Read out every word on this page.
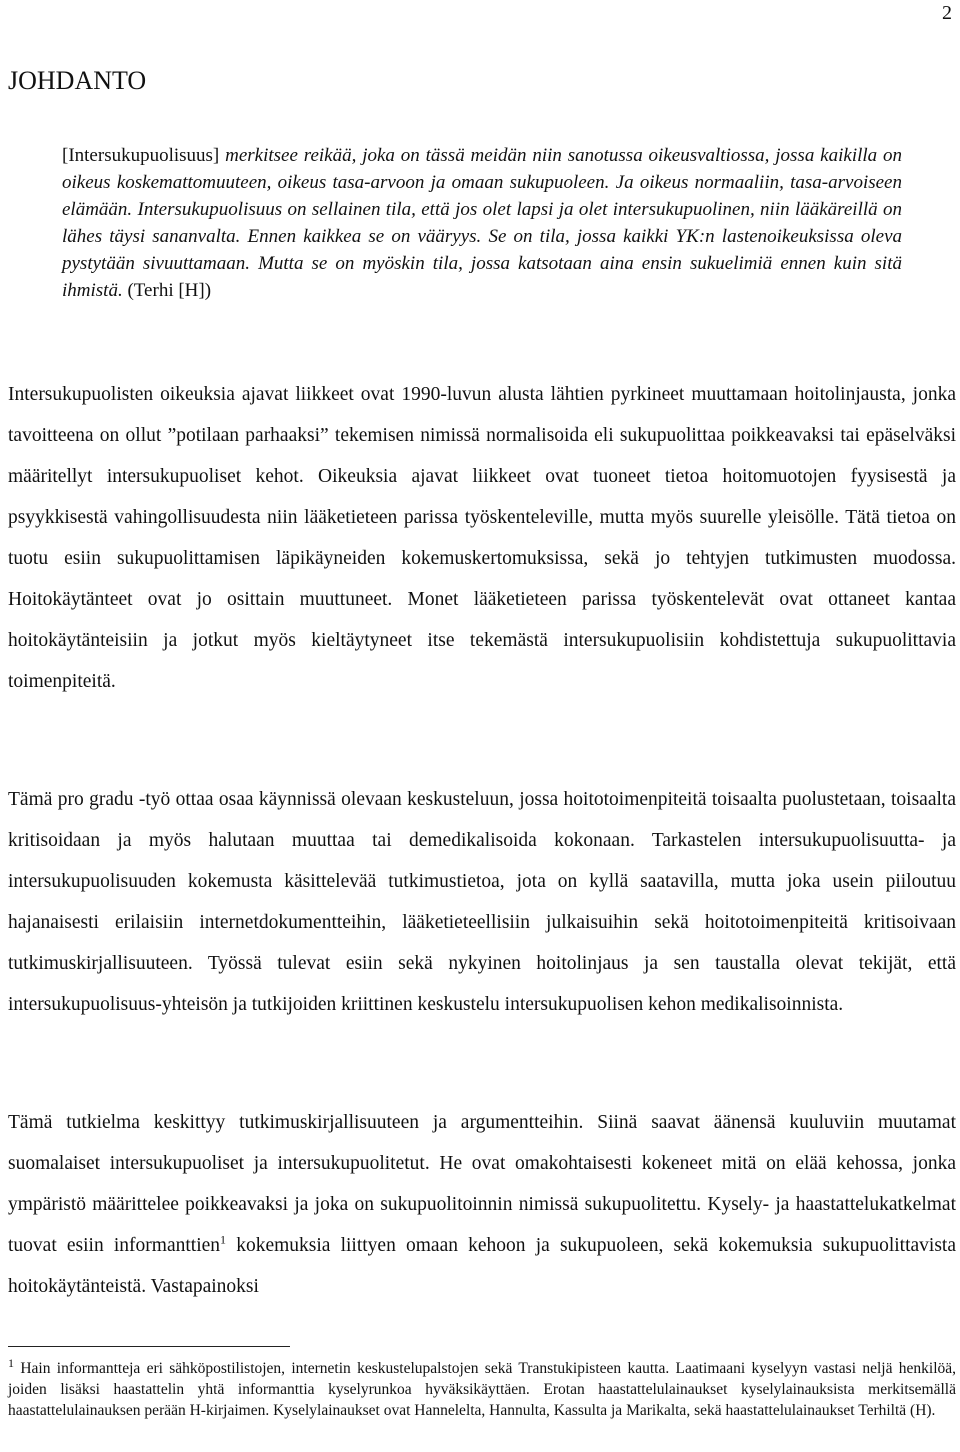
2
JOHDANTO

[Intersukupuolisuus] merkitsee reikää, joka on tässä meidän niin sanotussa oikeusvaltiossa, jossa kaikilla on oikeus koskemattomuuteen, oikeus tasa-arvoon ja omaan sukupuoleen. Ja oikeus normaaliin, tasa-arvoiseen elämään. Intersukupuolisuus on sellainen tila, että jos olet lapsi ja olet intersukupuolinen, niin lääkäreillä on lähes täysi sananvalta. Ennen kaikkea se on vääryys. Se on tila, jossa kaikki YK:n lastenoikeuksissa oleva pystytään sivuuttamaan. Mutta se on myöskin tila, jossa katsotaan aina ensin sukuelimiä ennen kuin sitä ihmistä. (Terhi [H])

Intersukupuolisten oikeuksia ajavat liikkeet ovat 1990-luvun alusta lähtien pyrkineet muuttamaan hoitolinjausta, jonka tavoitteena on ollut ”potilaan parhaaksi” tekemisen nimissä normalisoida eli sukupuolittaa poikkeavaksi tai epäselväksi määritellyt intersukupuoliset kehot. Oikeuksia ajavat liikkeet ovat tuoneet tietoa hoitomuotojen fyysisestä ja psyykkisestä vahingollisuudesta niin lääketieteen parissa työskenteleville, mutta myös suurelle yleisölle. Tätä tietoa on tuotu esiin sukupuolittamisen läpikäyneiden kokemuskertomuksissa, sekä jo tehtyjen tutkimusten muodossa. Hoitokäytänteet ovat jo osittain muuttuneet. Monet lääketieteen parissa työskentelevät ovat ottaneet kantaa hoitokäytänteisiin ja jotkut myös kieltäytyneet itse tekemästä intersukupuolisiin kohdistettuja sukupuolittavia toimenpiteitä.

Tämä pro gradu -työ ottaa osaa käynnissä olevaan keskusteluun, jossa hoitotoimenpiteitä toisaalta puolustetaan, toisaalta kritisoidaan ja myös halutaan muuttaa tai demedikalisoida kokonaan. Tarkastelen intersukupuolisuutta- ja intersukupuolisuuden kokemusta käsittelevää tutkimustietoa, jota on kyllä saatavilla, mutta joka usein piiloutuu hajanaisesti erilaisiin internetdokumentteihin, lääketieteellisiin julkaisuihin sekä hoitotoimenpiteitä kritisoivaan tutkimuskirjallisuuteen. Työssä tulevat esiin sekä nykyinen hoitolinjaus ja sen taustalla olevat tekijät, että intersukupuolisuus-yhteisön ja tutkijoiden kriittinen keskustelu intersukupuolisen kehon medikalisoinnista.

Tämä tutkielma keskittyy tutkimuskirjallisuuteen ja argumentteihin. Siinä saavat äänensä kuuluviin muutamat suomalaiset intersukupuoliset ja intersukupuolitetut. He ovat omakohtaisesti kokeneet mitä on elää kehossa, jonka ympäristö määrittelee poikkeavaksi ja joka on sukupuolitoinnin nimissä sukupuolitettu. Kysely- ja haastattelukatkelmat tuovat esiin informanttien$^1$ kokemuksia liittyen omaan kehoon ja sukupuoleen, sekä kokemuksia sukupuolittavista hoitokäytänteistä. Vastapainoksi

$^1$ Hain informantteja eri sähköpostilistojen, internetin keskustelupalstojen sekä Transtukipisteen kautta. Laatimaani kyselyyn vastasi neljä henkilöä, joiden lisäksi haastattelin yhtä informanttia kyselyrunkoa hyväksikäyttäen. Erotan haastattelulainaukset kyselylainauksista merkitsemällä haastattelulainauksen perään H-kirjaimen. Kyselylainaukset ovat Hannelelta, Hannulta, Kassulta ja Marikalta, sekä haastattelulainaukset Terhiltä (H).
